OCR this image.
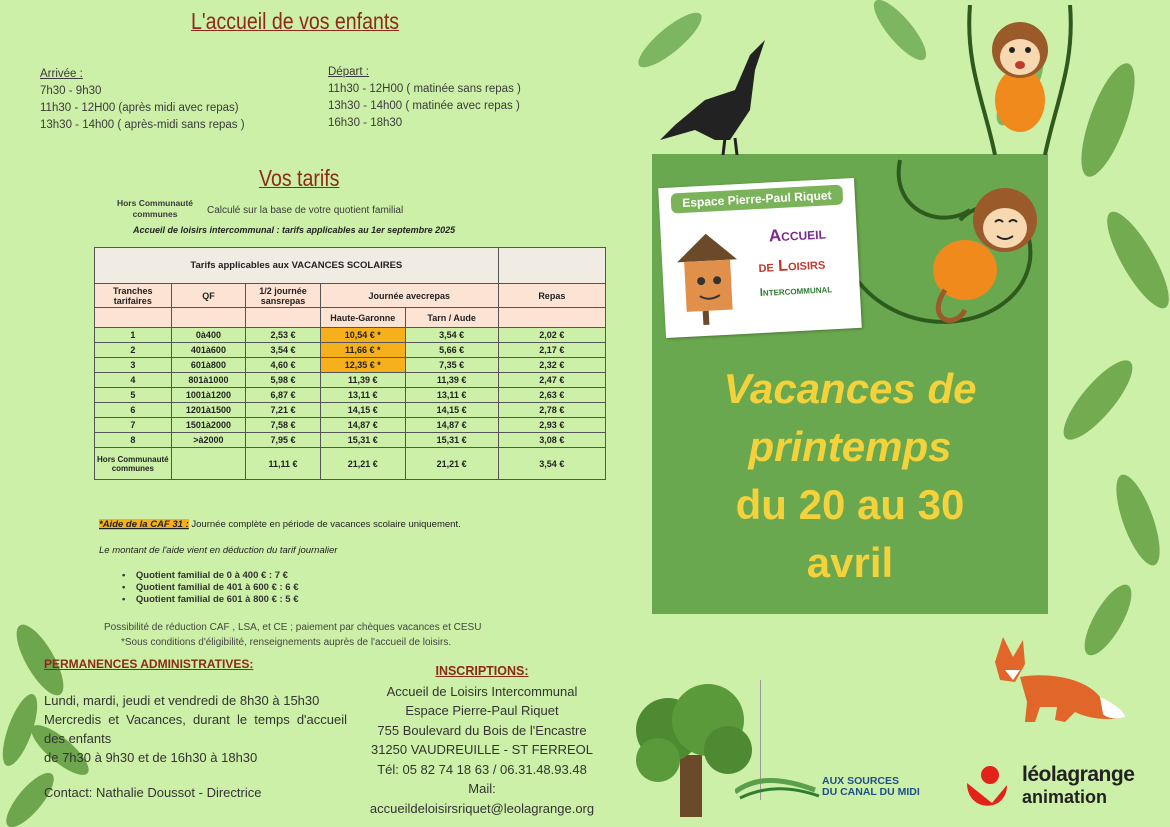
L'accueil de vos enfants
Arrivée :
7h30 - 9h30
11h30 - 12H00 (après midi avec repas)
13h30 - 14h00 ( après-midi sans repas )
Départ :
11h30 - 12H00 ( matinée sans repas )
13h30 - 14h00 ( matinée avec repas )
16h30 - 18h30
Vos tarifs
Hors Communauté communes	Calculé sur la base de votre quotient familial
Accueil de loisirs intercommunal : tarifs applicables au 1er septembre 2025
Tarifs applicables aux VACANCES SCOLAIRES					
Tranches tarifaires	QF	1/2 journée sansrepas	Journée avecrepas		Repas
			Haute-Garonne	Tarn / Aude	
1	0à400	2,53 €	10,54 € *	3,54 €	2,02 €
2	401à600	3,54 €	11,66 € *	5,66 €	2,17 €
3	601à800	4,60 €	12,35 € *	7,35 €	2,32 €
4	801à1000	5,98 €	11,39 €	11,39 €	2,47 €
5	1001à1200	6,87 €	13,11 €	13,11 €	2,63 €
6	1201à1500	7,21 €	14,15 €	14,15 €	2,78 €
7	1501à2000	7,58 €	14,87 €	14,87 €	2,93 €
8	>à2000	7,95 €	15,31 €	15,31 €	3,08 €
Hors Communauté communes		11,11 €	21,21 €	21,21 €	3,54 €
*Aide de la CAF 31 : Journée complète en période de vacances scolaire uniquement.
Le montant de l'aide vient en déduction du tarif journalier
•    Quotient familial de 0 à 400 € : 7 €
•    Quotient familial de 401 à 600 € : 6 €
•    Quotient familial de 601 à 800 € : 5 €
Possibilité de réduction CAF , LSA, et CE ; paiement par chèques vacances et CESU
*Sous conditions d'éligibilité, renseignements auprès de l'accueil de loisirs.
PERMANENCES ADMINISTRATIVES:
Lundi, mardi, jeudi et vendredi de 8h30 à 15h30
Mercredis et Vacances, durant le temps d'accueil des enfants
de 7h30 à 9h30 et de 16h30 à 18h30
Contact: Nathalie Doussot - Directrice
INSCRIPTIONS:
Accueil de Loisirs Intercommunal
Espace Pierre-Paul Riquet
755 Boulevard du Bois de l'Encastre
31250 VAUDREUILLE - ST FERREOL
Tél: 05 82 74 18 63 / 06.31.48.93.48
Mail:
accueildeloisirsriquet@leolagrange.org
Espace Pierre-Paul Riquet
Accueil
de Loisirs
Intercommunal
Vacances de
printemps
du 20 au 30
avril
AUX SOURCES
DU CANAL DU MIDI
léolagrange
animation
